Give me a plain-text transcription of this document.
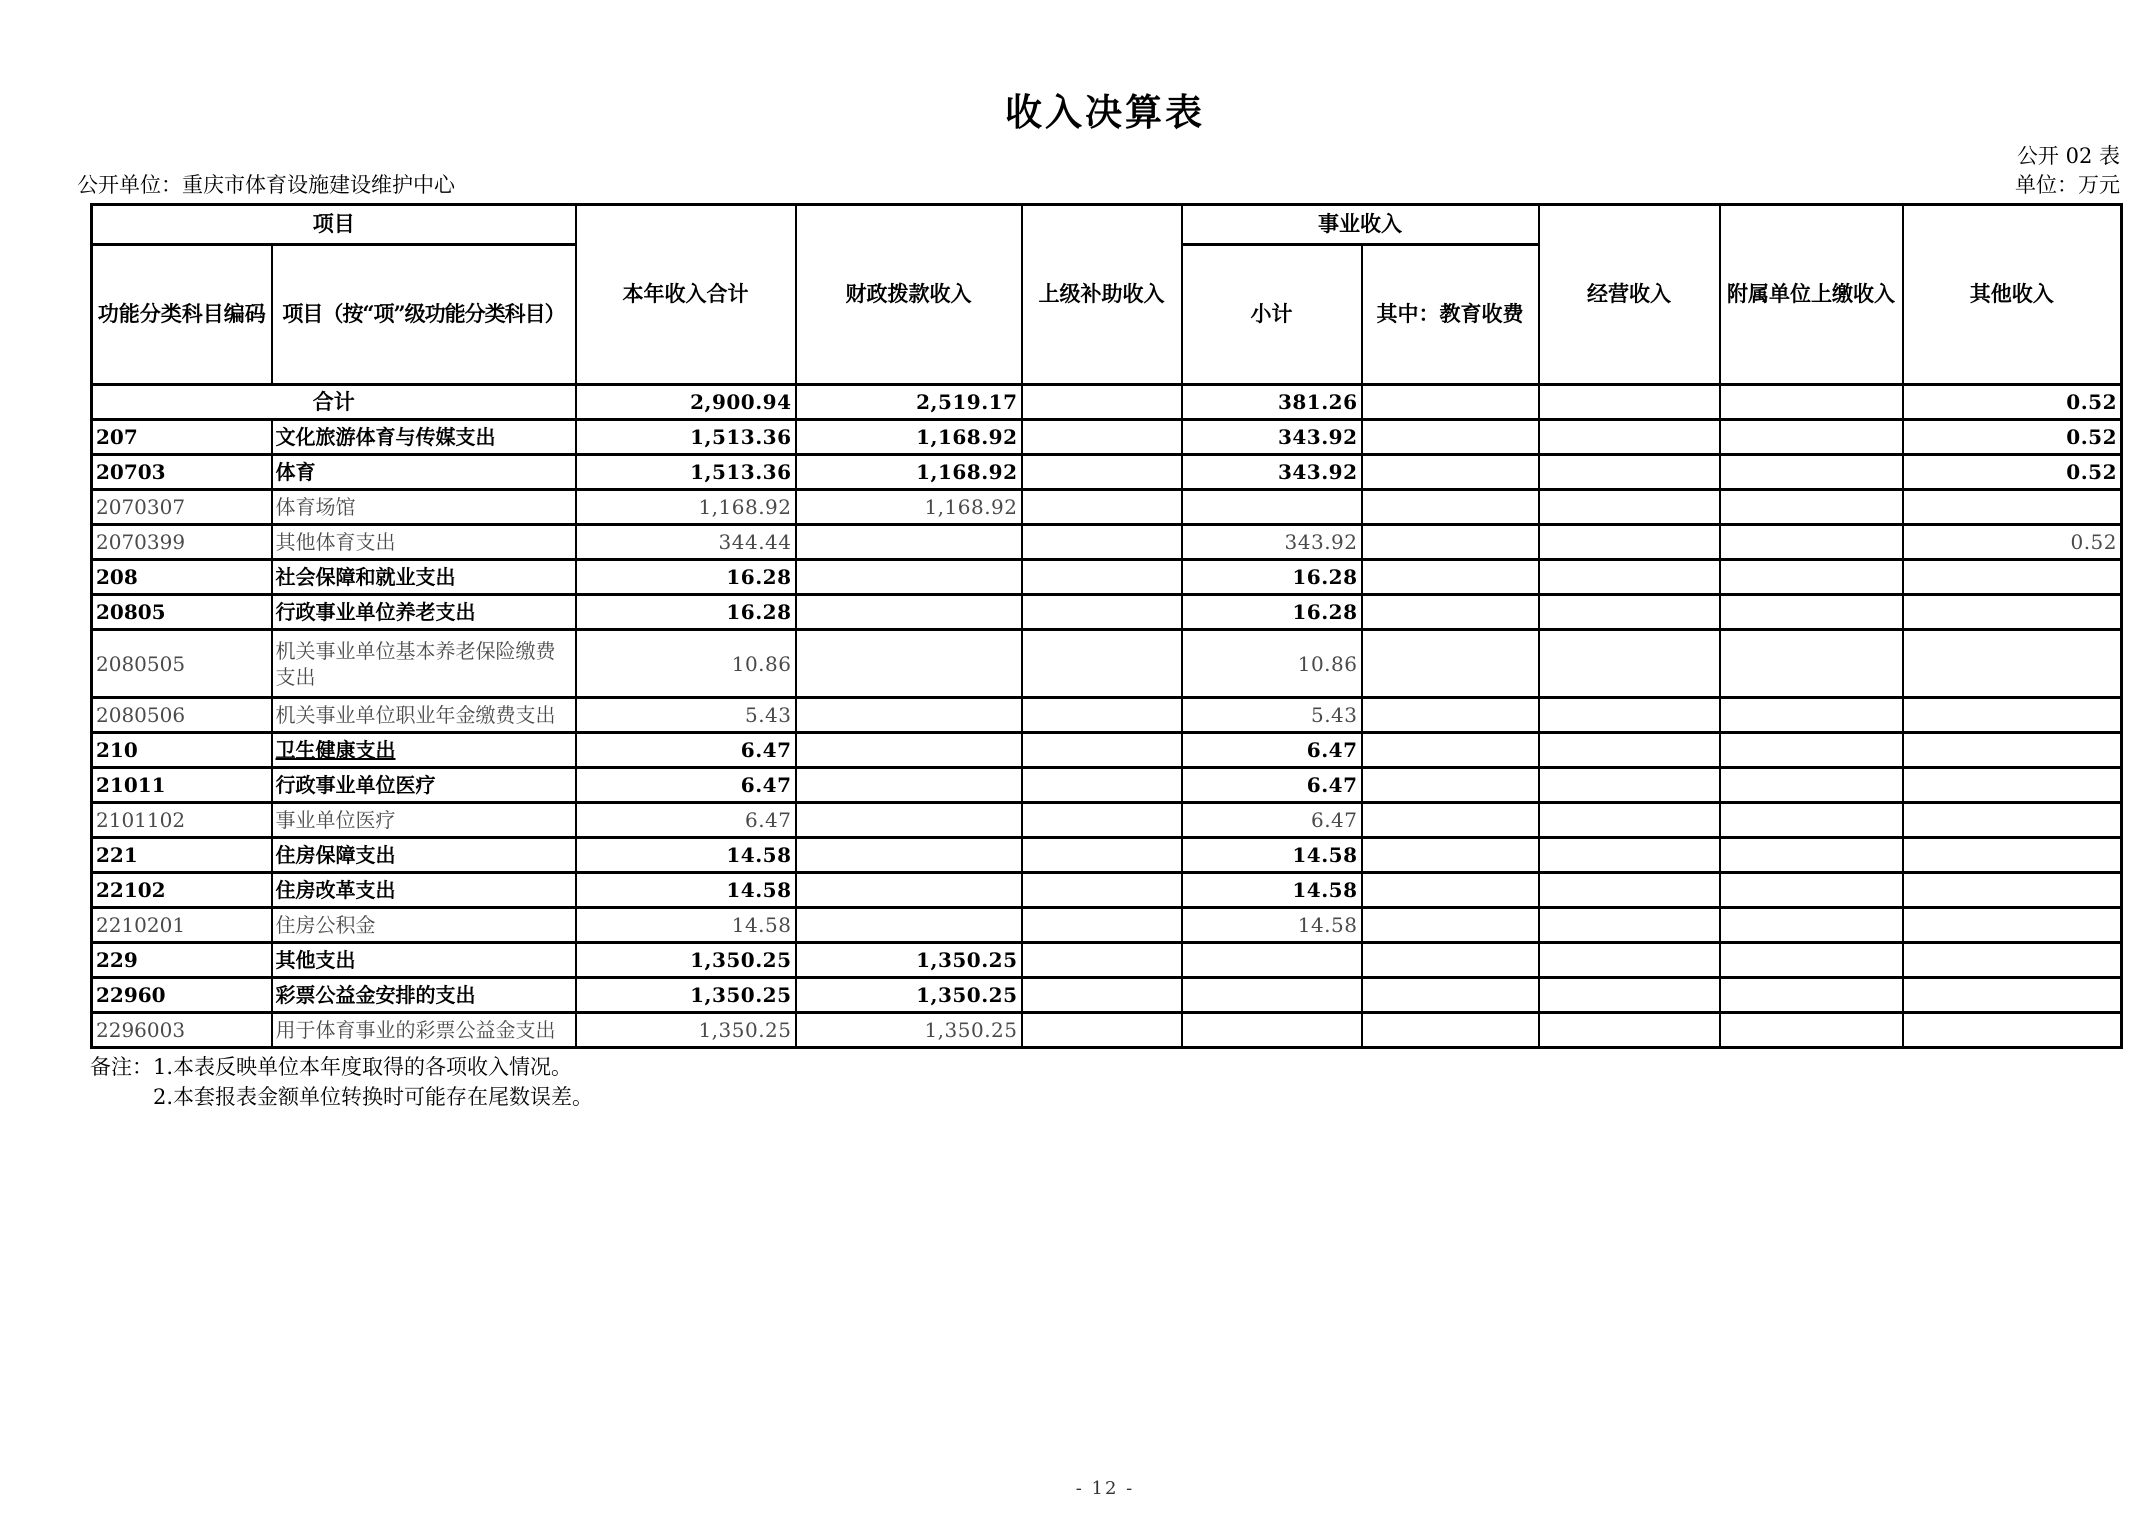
收入决算表
公开 02 表
单位：万元
公开单位：重庆市体育设施建设维护中心
项目		本年收入合计	财政拨款收入	上级补助收入	事业收入		经营收入	附属单位上缴收入	其他收入
功能分类科目编码	项目（按“项”级功能分类科目）				小计	其中：教育收费			
合计		2,900.94	2,519.17		381.26				0.52
207	文化旅游体育与传媒支出	1,513.36	1,168.92		343.92				0.52
20703	体育	1,513.36	1,168.92		343.92				0.52
2070307	体育场馆	1,168.92	1,168.92						
2070399	其他体育支出	344.44			343.92				0.52
208	社会保障和就业支出	16.28			16.28				
20805	行政事业单位养老支出	16.28			16.28				
2080505	机关事业单位基本养老保险缴费支出	10.86			10.86				
2080506	机关事业单位职业年金缴费支出	5.43			5.43				
210	卫生健康支出	6.47			6.47				
21011	行政事业单位医疗	6.47			6.47				
2101102	事业单位医疗	6.47			6.47				
221	住房保障支出	14.58			14.58				
22102	住房改革支出	14.58			14.58				
2210201	住房公积金	14.58			14.58				
229	其他支出	1,350.25	1,350.25						
22960	彩票公益金安排的支出	1,350.25	1,350.25						
2296003	用于体育事业的彩票公益金支出	1,350.25	1,350.25						
备注：1.本表反映单位本年度取得的各项收入情况。
2.本套报表金额单位转换时可能存在尾数误差。
- 12 -
